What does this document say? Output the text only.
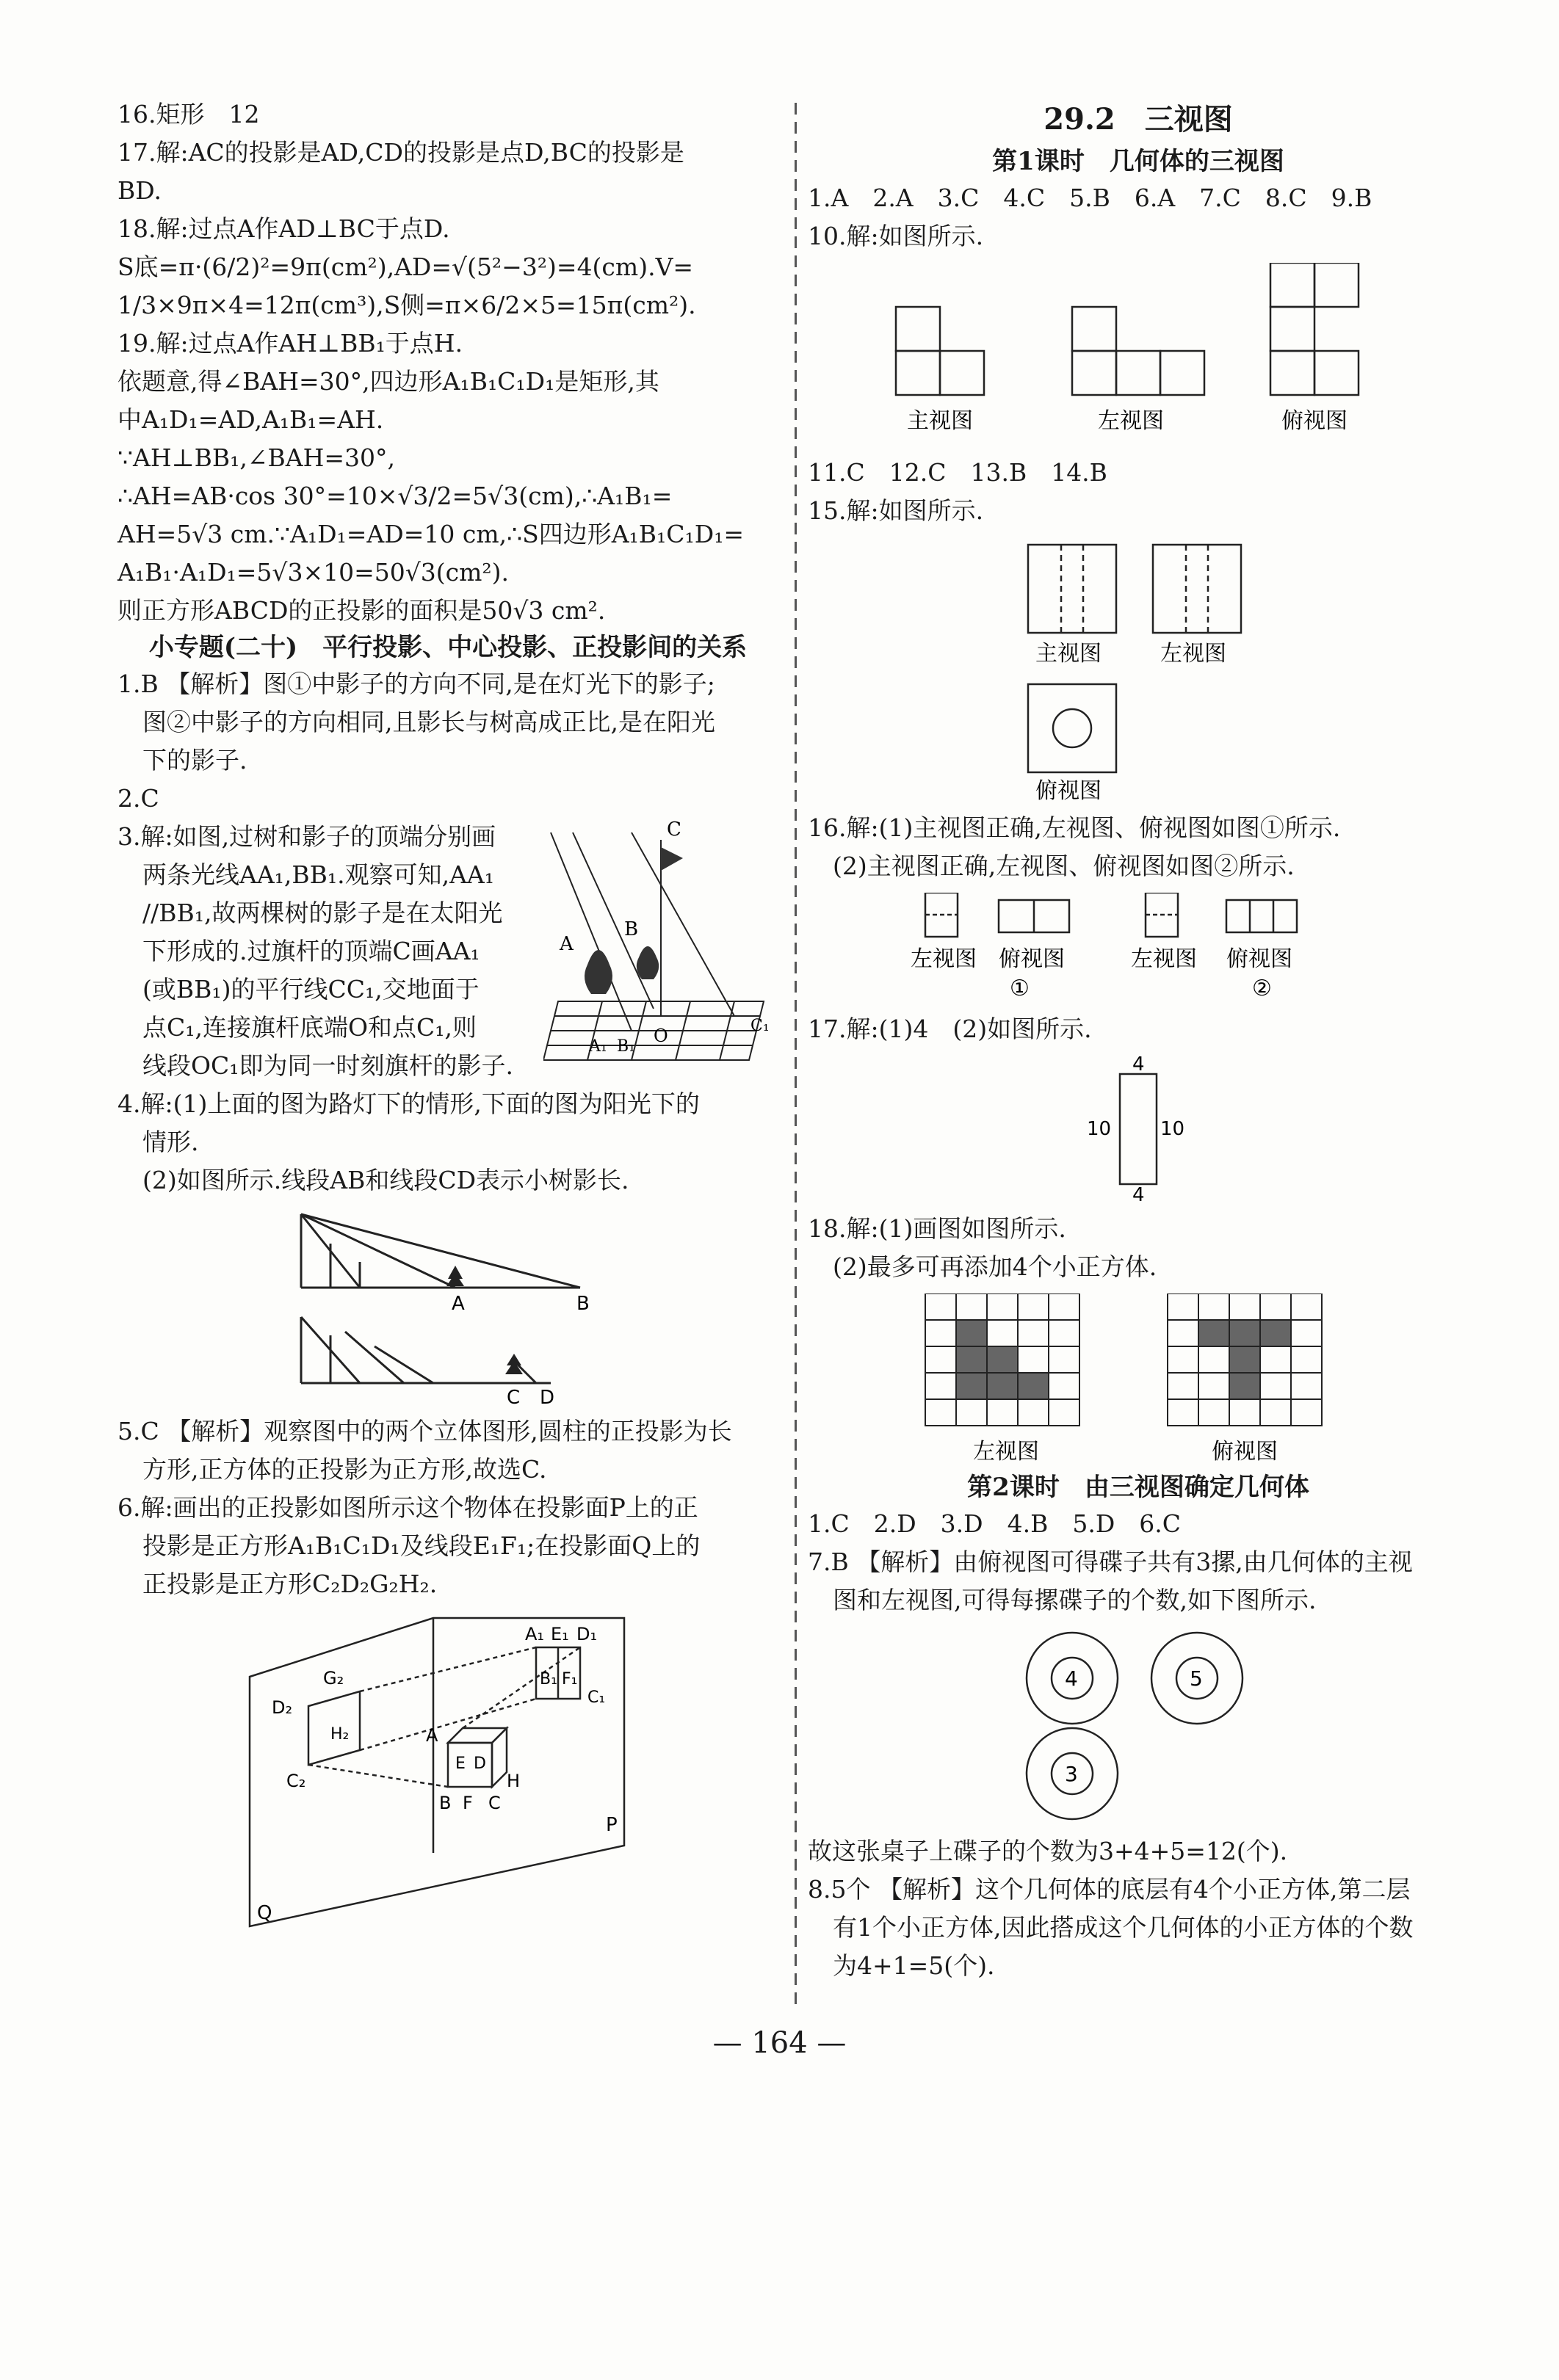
16.矩形　12

17.解:AC的投影是AD,CD的投影是点D,BC的投影是

BD.

18.解:过点A作AD⊥BC于点D.

S底=π·(6/2)²=9π(cm²),AD=√(5²−3²)=4(cm).V=

1/3×9π×4=12π(cm³),S侧=π×6/2×5=15π(cm²).

19.解:过点A作AH⊥BB₁于点H.

依题意,得∠BAH=30°,四边形A₁B₁C₁D₁是矩形,其

中A₁D₁=AD,A₁B₁=AH.

∵AH⊥BB₁,∠BAH=30°,

∴AH=AB·cos 30°=10×√3/2=5√3(cm),∴A₁B₁=

AH=5√3 cm.∵A₁D₁=AD=10 cm,∴S四边形A₁B₁C₁D₁=

A₁B₁·A₁D₁=5√3×10=50√3(cm²).

则正方形ABCD的正投影的面积是50√3 cm².

小专题(二十)　平行投影、中心投影、正投影间的关系

1.B 【解析】图①中影子的方向不同,是在灯光下的影子;

图②中影子的方向相同,且影长与树高成正比,是在阳光

下的影子.

2.C

3.解:如图,过树和影子的顶端分别画

两条光线AA₁,BB₁.观察可知,AA₁

//BB₁,故两棵树的影子是在太阳光

下形成的.过旗杆的顶端C画AA₁

(或BB₁)的平行线CC₁,交地面于

点C₁,连接旗杆底端O和点C₁,则

线段OC₁即为同一时刻旗杆的影子.

C
A
B
A₁ B₁
O	C₁

4.解:(1)上面的图为路灯下的情形,下面的图为阳光下的

情形.

(2)如图所示.线段AB和线段CD表示小树影长.

A	B
C D

5.C 【解析】观察图中的两个立体图形,圆柱的正投影为长

方形,正方体的正投影为正方形,故选C.

6.解:画出的正投影如图所示这个物体在投影面P上的正

投影是正方形A₁B₁C₁D₁及线段E₁F₁;在投影面Q上的

正投影是正方形C₂D₂G₂H₂.

A₁ E₁ D₁
B₁ F₁
C₁
G₂
D₂
H₂
C₂
A
E D
B F C
H
P
Q

29.2　三视图

第1课时　几何体的三视图

1.A　2.A　3.C　4.C　5.B　6.A　7.C　8.C　9.B

10.解:如图所示.

主视图	左视图	俯视图

11.C　12.C　13.B　14.B

15.解:如图所示.

主视图	左视图
俯视图

16.解:(1)主视图正确,左视图、俯视图如图①所示.

(2)主视图正确,左视图、俯视图如图②所示.

左视图 俯视图	左视图 俯视图
①	②

17.解:(1)4　(2)如图所示.

4
10	10
4

18.解:(1)画图如图所示.

(2)最多可再添加4个小正方体.

左视图	俯视图

第2课时　由三视图确定几何体

1.C　2.D　3.D　4.B　5.D　6.C

7.B 【解析】由俯视图可得碟子共有3摞,由几何体的主视

图和左视图,可得每摞碟子的个数,如下图所示.

4	5
3

故这张桌子上碟子的个数为3+4+5=12(个).

8.5个 【解析】这个几何体的底层有4个小正方体,第二层

有1个小正方体,因此搭成这个几何体的小正方体的个数

为4+1=5(个).

— 164 —
